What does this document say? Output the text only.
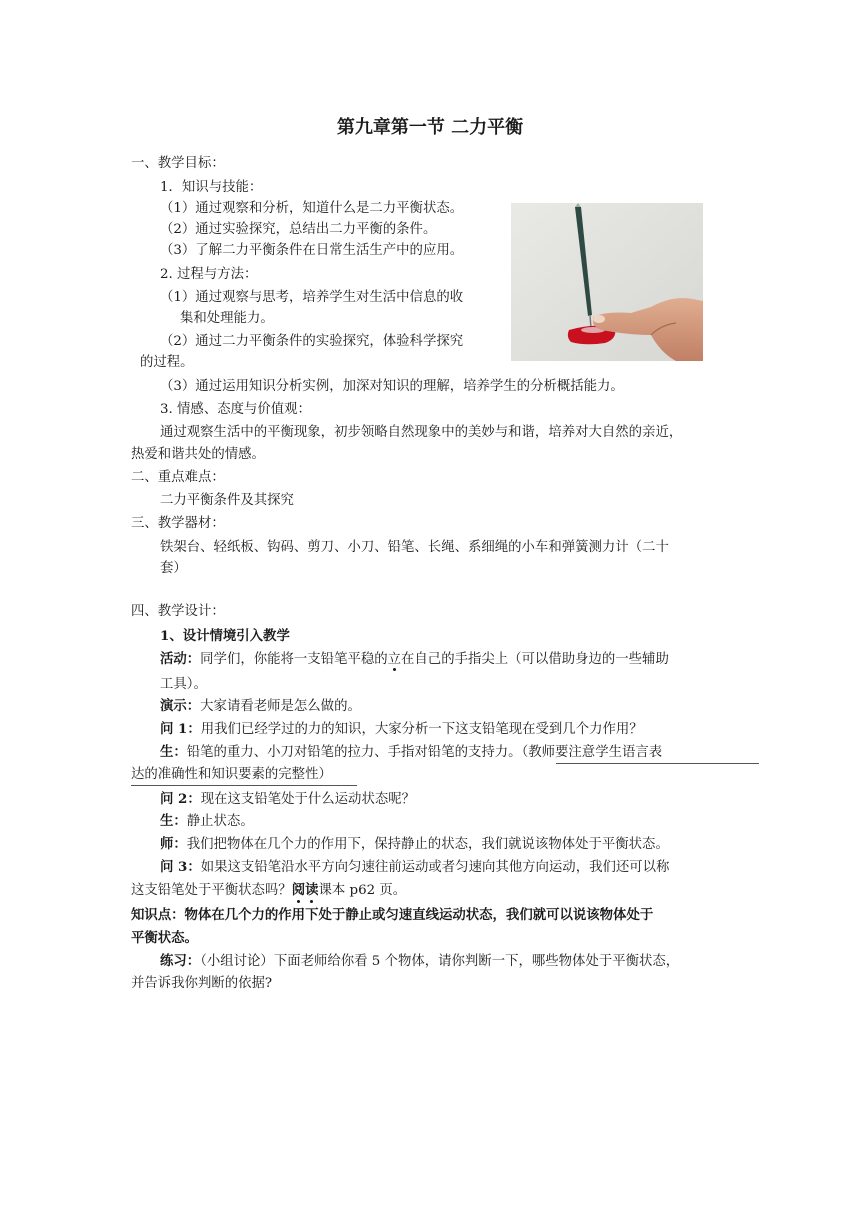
第九章第一节 二力平衡
一、教学目标：
1．知识与技能：
（1）通过观察和分析，知道什么是二力平衡状态。
（2）通过实验探究，总结出二力平衡的条件。
（3）了解二力平衡条件在日常生活生产中的应用。
2. 过程与方法：
（1）通过观察与思考，培养学生对生活中信息的收
集和处理能力。
（2）通过二力平衡条件的实验探究，体验科学探究
的过程。
（3）通过运用知识分析实例，加深对知识的理解，培养学生的分析概括能力。
3. 情感、态度与价值观：
通过观察生活中的平衡现象，初步领略自然现象中的美妙与和谐，培养对大自然的亲近，
热爱和谐共处的情感。
二、重点难点：
二力平衡条件及其探究
三、教学器材：
铁架台、轻纸板、钩码、剪刀、小刀、铅笔、长绳、系细绳的小车和弹簧测力计（二十
套）
四、教学设计：
1、设计情境引入教学
活动：同学们，你能将一支铅笔平稳的立在自己的手指尖上（可以借助身边的一些辅助
工具）。
演示：大家请看老师是怎么做的。
问 1：用我们已经学过的力的知识，大家分析一下这支铅笔现在受到几个力作用？
生：铅笔的重力、小刀对铅笔的拉力、手指对铅笔的支持力。（教师要注意学生语言表
达的准确性和知识要素的完整性）
问 2：现在这支铅笔处于什么运动状态呢？
生：静止状态。
师：我们把物体在几个力的作用下，保持静止的状态，我们就说该物体处于平衡状态。
问 3：如果这支铅笔沿水平方向匀速往前运动或者匀速向其他方向运动，我们还可以称
这支铅笔处于平衡状态吗？阅读课本 p62 页。
知识点：物体在几个力的作用下处于静止或匀速直线运动状态，我们就可以说该物体处于
平衡状态。
练习：（小组讨论）下面老师给你看 5 个物体，请你判断一下，哪些物体处于平衡状态，
并告诉我你判断的依据?
